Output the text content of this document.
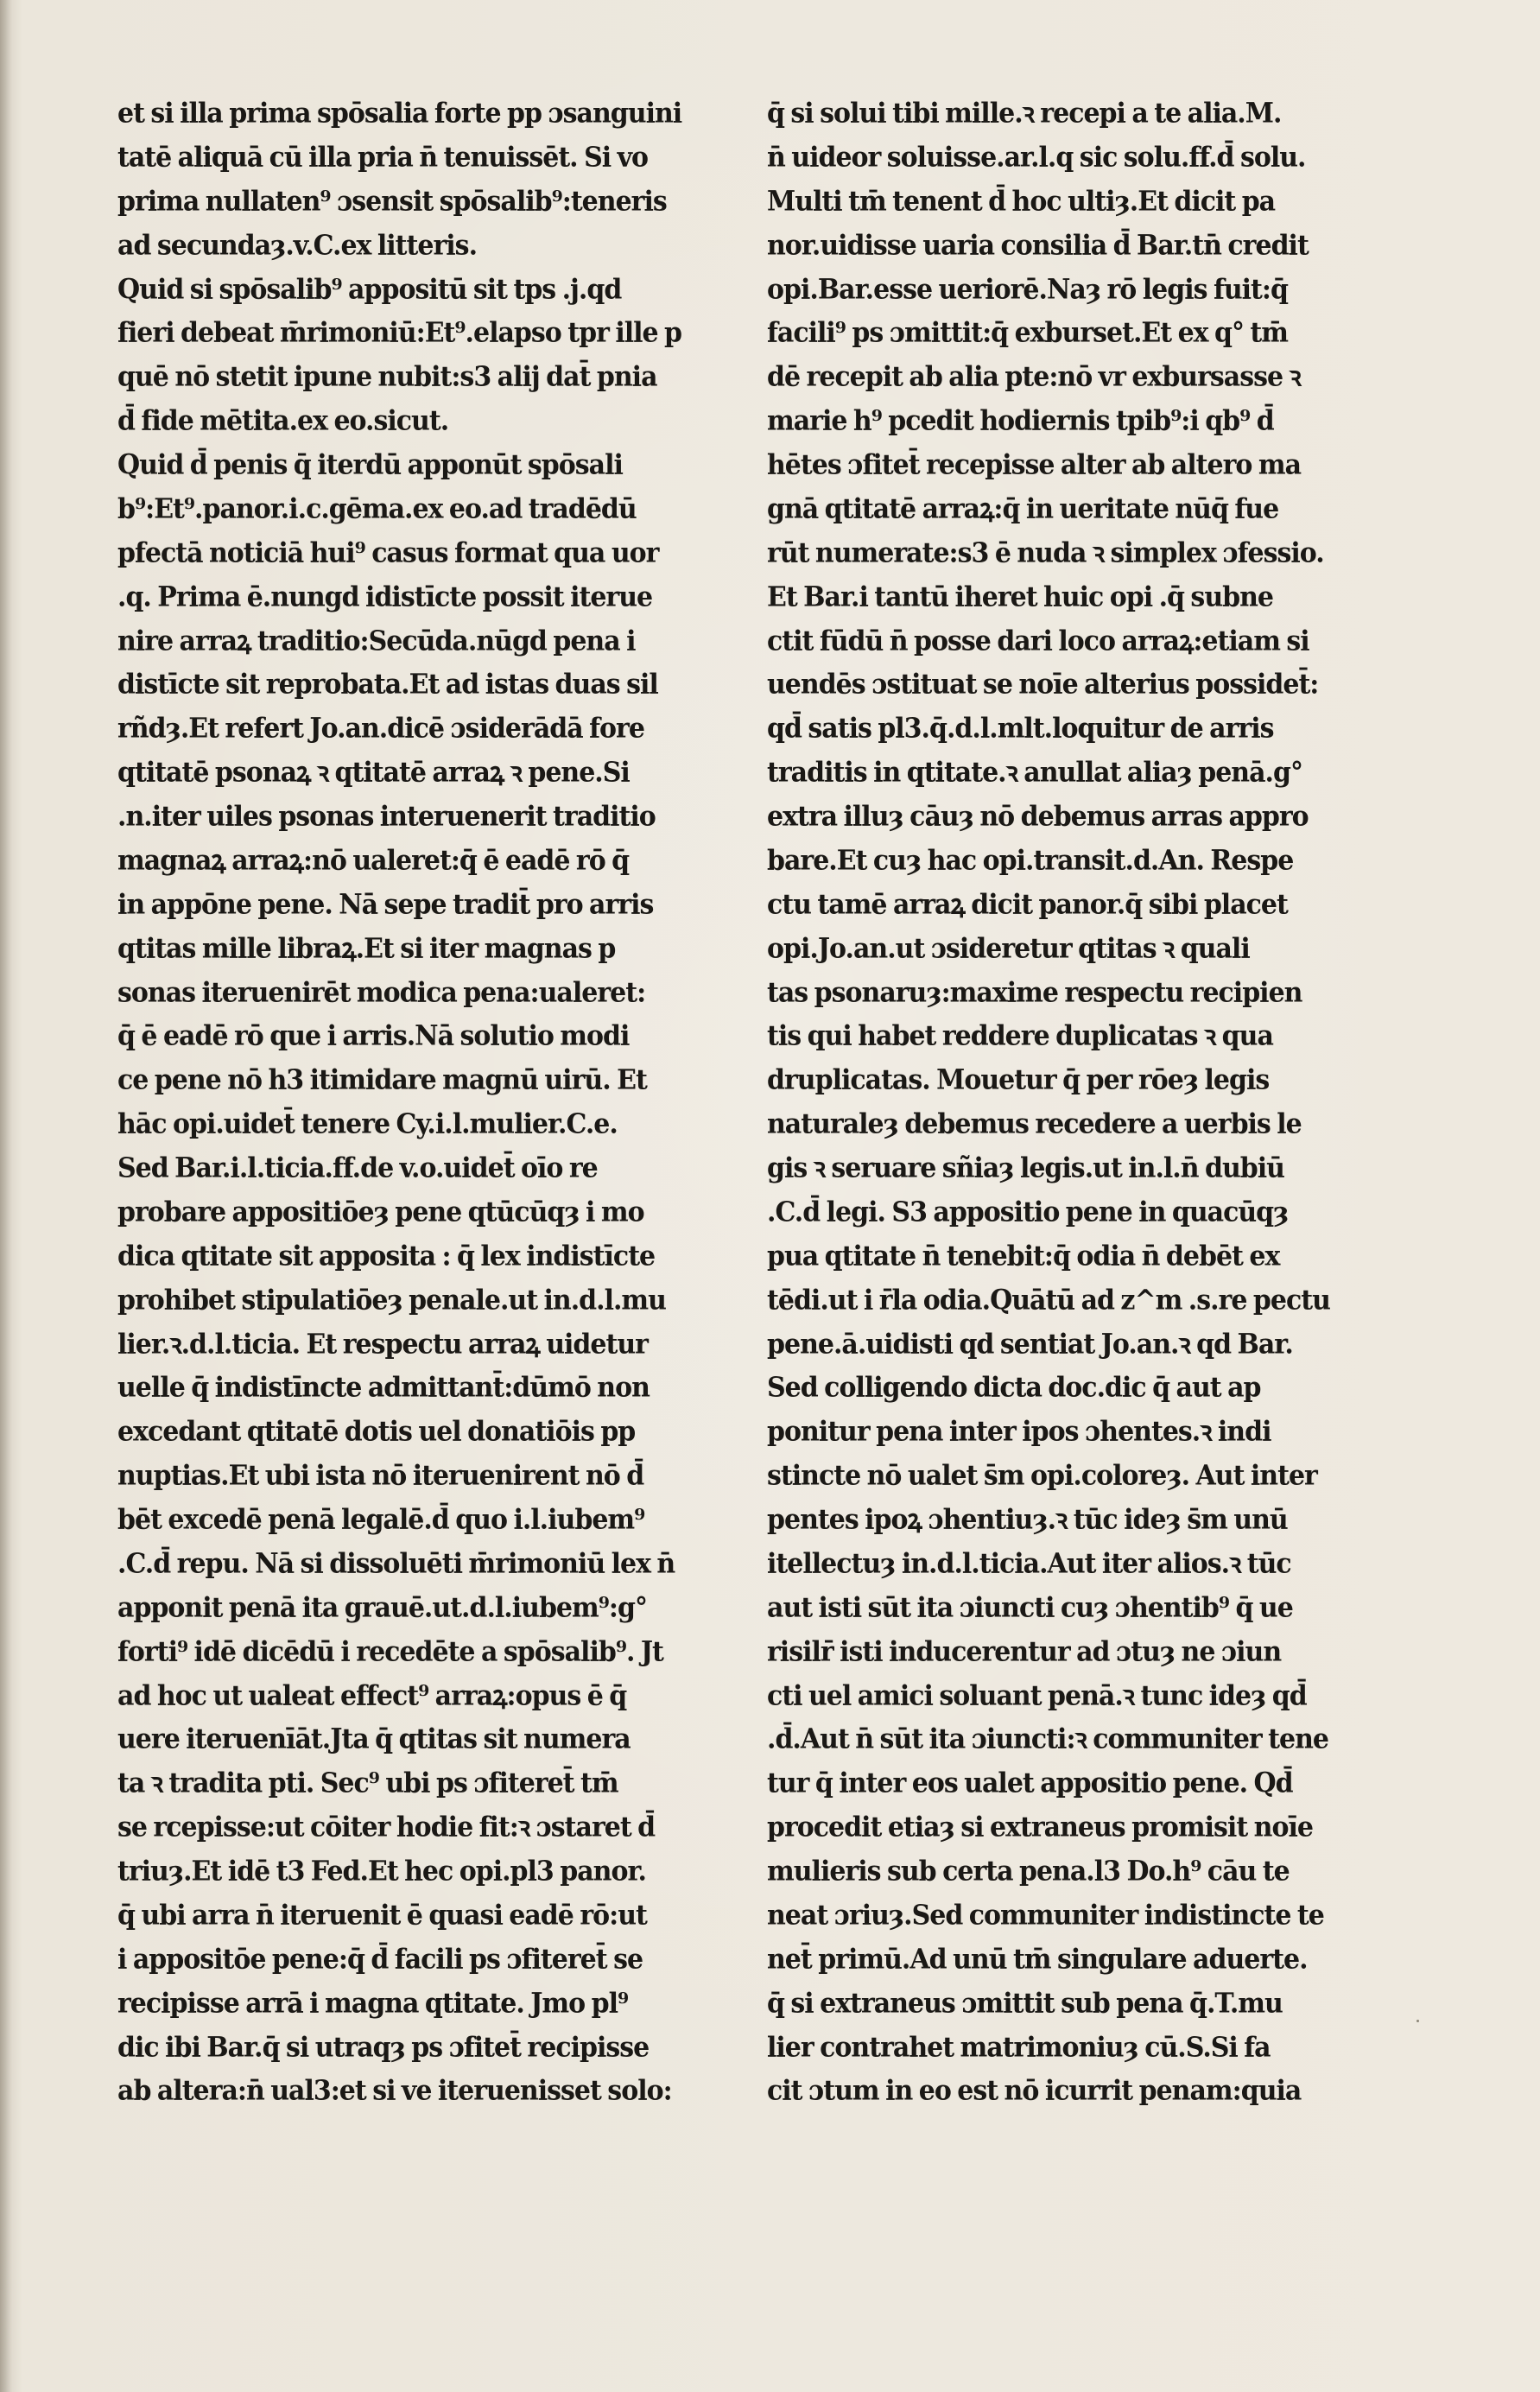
et si illa prima spōsalia forte pp ɔsanguini
tatē aliquā cū illa pria n̄ tenuissēt. Si vo
prima nullaten⁹ ɔsensit spōsalib⁹:teneris
ad secundaȝ.v.C.ex litteris.
Quid si spōsalib⁹ appositū sit tps .j.qd
fieri debeat m̄rimoniū:Et⁹.elapso tpr ille p
quē nō stetit ipune nubit:s3 alij dat̄ pnia
d̄ fide mētita.ex eo.sicut.
Quid d̄ penis q̄ iterdū apponūt spōsali
b⁹:Et⁹.panor.i.c.gēma.ex eo.ad tradēdū
pfectā noticiā hui⁹ casus format qua uor
.q. Prima ē.nungd idistīcte possit iterue
nire arraꝝ traditio:Secūda.nūgd pena i
distīcte sit reprobata.Et ad istas duas sil
rñdȝ.Et refert Jo.an.dicē ɔsiderādā fore
qtitatē psonaꝝ ꝛ qtitatē arraꝝ ꝛ pene.Si
.n.iter uiles psonas interuenerit traditio
magnaꝝ arraꝝ:nō ualeret:q̄ ē eadē rō q̄
in appōne pene. Nā sepe tradit̄ pro arris
qtitas mille libraꝝ.Et si iter magnas p
sonas iteruenirēt modica pena:ualeret:
q̄ ē eadē rō que i arris.Nā solutio modi
ce pene nō h3 itimidare magnū uirū. Et
hāc opi.uidet̄ tenere Cy.i.l.mulier.C.e.
Sed Bar.i.l.ticia.ff.de v.o.uidet̄ oīo re
probare appositiōeȝ pene qtūcūqȝ i mo
dica qtitate sit apposita : q̄ lex indistīcte
prohibet stipulatiōeȝ penale.ut in.d.l.mu
lier.ꝛ.d.l.ticia. Et respectu arraꝝ uidetur
uelle q̄ indistīncte admittant̄:dūmō non
excedant qtitatē dotis uel donatiōis pp
nuptias.Et ubi ista nō iteruenirent nō d̄
bēt excedē penā legalē.d̄ quo i.l.iubem⁹
.C.d̄ repu. Nā si dissoluēti m̄rimoniū lex n̄
apponit penā ita grauē.ut.d.l.iubem⁹:g°
forti⁹ idē dicēdū i recedēte a spōsalib⁹. Jt
ad hoc ut ualeat effect⁹ arraꝝ:opus ē q̄
uere iteruenīāt.Jta q̄ qtitas sit numera
ta ꝛ tradita pti. Sec⁹ ubi ps ɔfiteret̄ tm̄
se rcepisse:ut cōiter hodie fit:ꝛ ɔstaret d̄
triuȝ.Et idē t3 Fed.Et hec opi.pl3 panor.
q̄ ubi arra n̄ iteruenit ē quasi eadē rō:ut
i appositōe pene:q̄ d̄ facili ps ɔfiteret̄ se
recipisse arrā i magna qtitate. Jmo pl⁹
dic ibi Bar.q̄ si utraqȝ ps ɔfitet̄ recipisse
ab altera:n̄ ual3:et si ve iteruenisset solo:
q̄ si solui tibi mille.ꝛ recepi a te alia.M.
n̄ uideor soluisse.ar.l.q sic solu.ff.d̄ solu.
Multi tm̄ tenent d̄ hoc ultiȝ.Et dicit pa
nor.uidisse uaria consilia d̄ Bar.tn̄ credit
opi.Bar.esse ueriorē.Naȝ rō legis fuit:q̄
facili⁹ ps ɔmittit:q̄ exburset.Et ex q° tm̄
dē recepit ab alia pte:nō vr exbursasse ꝛ
marie h⁹ pcedit hodiernis tpib⁹:i qb⁹ d̄
hētes ɔfitet̄ recepisse alter ab altero ma
gnā qtitatē arraꝝ:q̄ in ueritate nūq̄ fue
rūt numerate:s3 ē nuda ꝛ simplex ɔfessio.
Et Bar.i tantū iheret huic opi .q̄ subne
ctit fūdū n̄ posse dari loco arraꝝ:etiam si
uendēs ɔstituat se noīe alterius possidet̄:
qd̄ satis pl3.q̄.d.l.mlt.loquitur de arris
traditis in qtitate.ꝛ anullat aliaȝ penā.g°
extra illuȝ cāuȝ nō debemus arras appro
bare.Et cuȝ hac opi.transit.d.An. Respe
ctu tamē arraꝝ dicit panor.q̄ sibi placet
opi.Jo.an.ut ɔsideretur qtitas ꝛ quali
tas psonaruȝ:maxime respectu recipien
tis qui habet reddere duplicatas ꝛ qua
druplicatas. Mouetur q̄ per rōeȝ legis
naturaleȝ debemus recedere a uerbis le
gis ꝛ seruare sñiaȝ legis.ut in.l.n̄ dubiū
.C.d̄ legi. S3 appositio pene in quacūqȝ
pua qtitate n̄ tenebit:q̄ odia n̄ debēt ex
tēdi.ut i r̄la odia.Quātū ad z^m .s.re pectu
pene.ā.uidisti qd sentiat Jo.an.ꝛ qd Bar.
Sed colligendo dicta doc.dic q̄ aut ap
ponitur pena inter ipos ɔhentes.ꝛ indi
stincte nō ualet s̄m opi.coloreȝ. Aut inter
pentes ipoꝝ ɔhentiuȝ.ꝛ tūc ideȝ s̄m unū
itellectuȝ in.d.l.ticia.Aut iter alios.ꝛ tūc
aut isti sūt ita ɔiuncti cuȝ ɔhentib⁹ q̄ ue
risilr̄ isti inducerentur ad ɔtuȝ ne ɔiun
cti uel amici soluant penā.ꝛ tunc ideȝ qd̄
.d̄.Aut n̄ sūt ita ɔiuncti:ꝛ communiter tene
tur q̄ inter eos ualet appositio pene. Qd̄
procedit etiaȝ si extraneus promisit noīe
mulieris sub certa pena.l3 Do.h⁹ cāu te
neat ɔriuȝ.Sed communiter indistincte te
net̄ primū.Ad unū tm̄ singulare aduerte.
q̄ si extraneus ɔmittit sub pena q̄.T.mu
lier contrahet matrimoniuȝ cū.S.Si fa
cit ɔtum in eo est nō icurrit penam:quia
